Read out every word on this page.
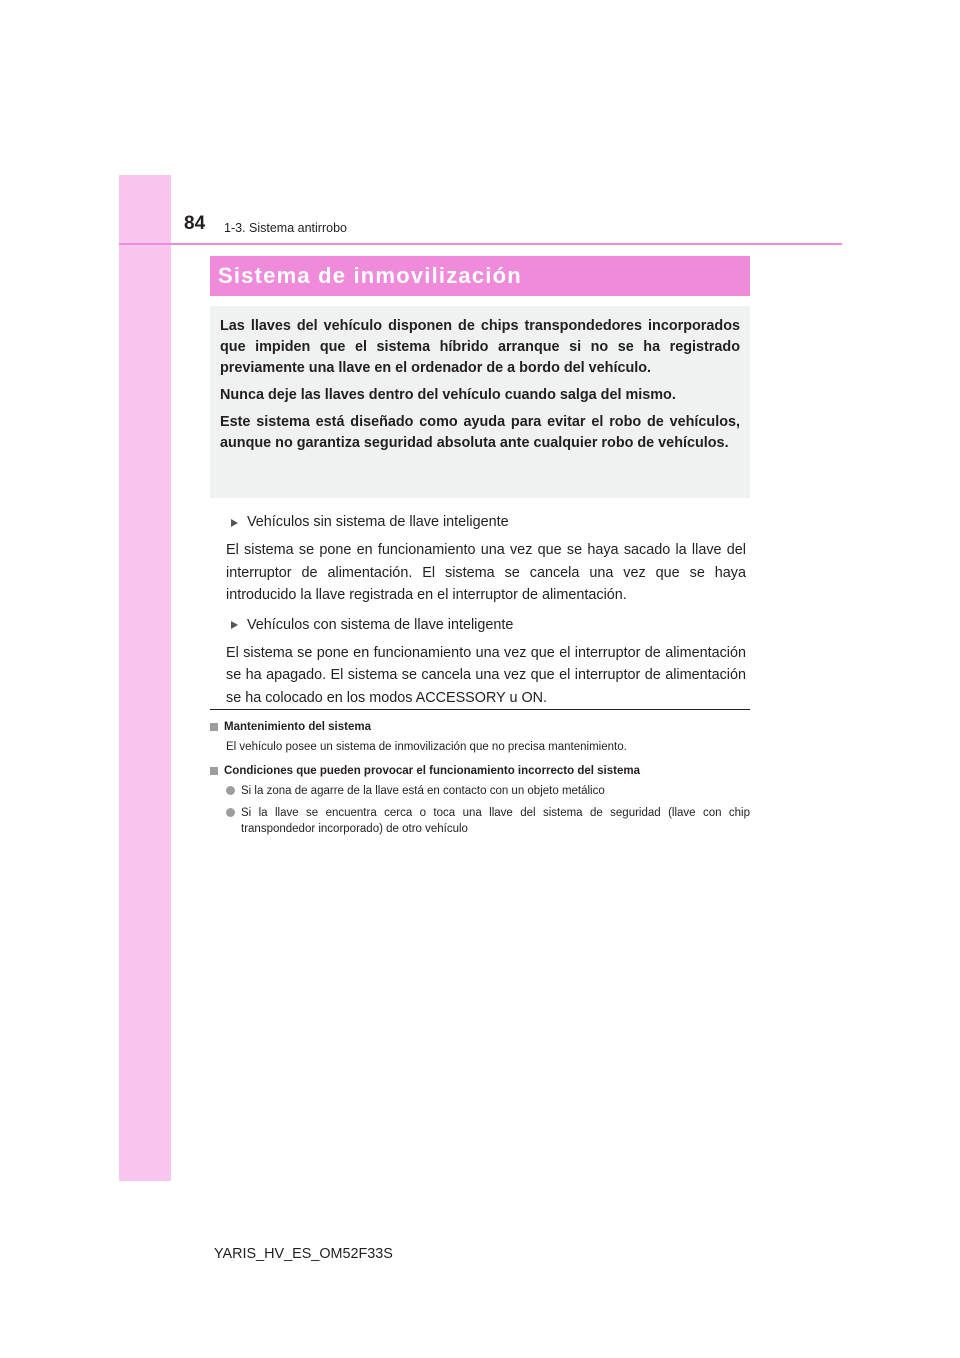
84 1-3. Sistema antirrobo
Sistema de inmovilización

Las llaves del vehículo disponen de chips transpondedores incorporados que impiden que el sistema híbrido arranque si no se ha registrado previamente una llave en el ordenador de a bordo del vehículo.

Nunca deje las llaves dentro del vehículo cuando salga del mismo.

Este sistema está diseñado como ayuda para evitar el robo de vehículos, aunque no garantiza seguridad absoluta ante cualquier robo de vehículos.

Vehículos sin sistema de llave inteligente

El sistema se pone en funcionamiento una vez que se haya sacado la llave del interruptor de alimentación. El sistema se cancela una vez que se haya introducido la llave registrada en el interruptor de alimentación.

Vehículos con sistema de llave inteligente

El sistema se pone en funcionamiento una vez que el interruptor de alimentación se ha apagado. El sistema se cancela una vez que el interruptor de alimentación se ha colocado en los modos ACCESSORY u ON.

Mantenimiento del sistema
El vehículo posee un sistema de inmovilización que no precisa mantenimiento.
Condiciones que pueden provocar el funcionamiento incorrecto del sistema
Si la zona de agarre de la llave está en contacto con un objeto metálico
Si la llave se encuentra cerca o toca una llave del sistema de seguridad (llave con chip transpondedor incorporado) de otro vehículo
YARIS_HV_ES_OM52F33S
